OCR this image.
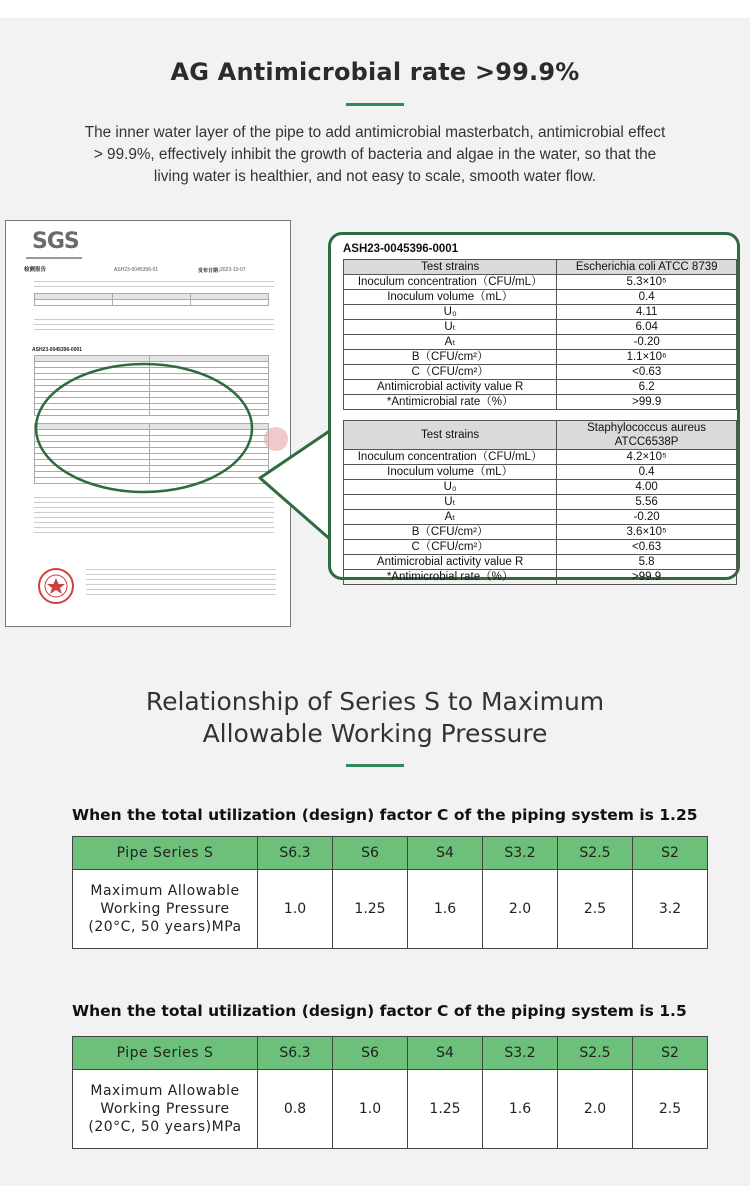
AG Antimicrobial rate >99.9%
The inner water layer of the pipe to add antimicrobial masterbatch, antimicrobial effect > 99.9%, effectively inhibit the growth of bacteria and algae in the water, so that the living water is healthier, and not easy to scale, smooth water flow.
SGS
检测报告	ASH23-0045396-01	发布日期：
2023-10-07

ASH23-0045396-0001

ASH23-0045396-0001
Test strains	Escherichia coli ATCC 8739
Inoculum concentration（CFU/mL）	5.3×10⁵
Inoculum volume（mL）	0.4
U₀	4.11
Uₜ	6.04
Aₜ	-0.20
B（CFU/cm²）	1.1×10⁶
C（CFU/cm²）	<0.63
Antimicrobial activity value R	6.2
*Antimicrobial rate（%）	>99.9
Test strains	Staphylococcus aureus ATCC6538P
Inoculum concentration（CFU/mL）	4.2×10⁵
Inoculum volume（mL）	0.4
U₀	4.00
Uₜ	5.56
Aₜ	-0.20
B（CFU/cm²）	3.6×10⁵
C（CFU/cm²）	<0.63
Antimicrobial activity value R	5.8
*Antimicrobial rate（%）	>99.9
Relationship of Series S to Maximum
Allowable Working Pressure
When the total utilization (design) factor C of the piping system is 1.25
Pipe Series S	S6.3	S6	S4	S3.2	S2.5	S2

Maximum Allowable
Working Pressure
(20°C, 50 years)MPa	1.0	1.25	1.6	2.0	2.5	3.2
When the total utilization (design) factor C of the piping system is 1.5
Pipe Series S	S6.3	S6	S4	S3.2	S2.5	S2

Maximum Allowable
Working Pressure
(20°C, 50 years)MPa	0.8	1.0	1.25	1.6	2.0	2.5
